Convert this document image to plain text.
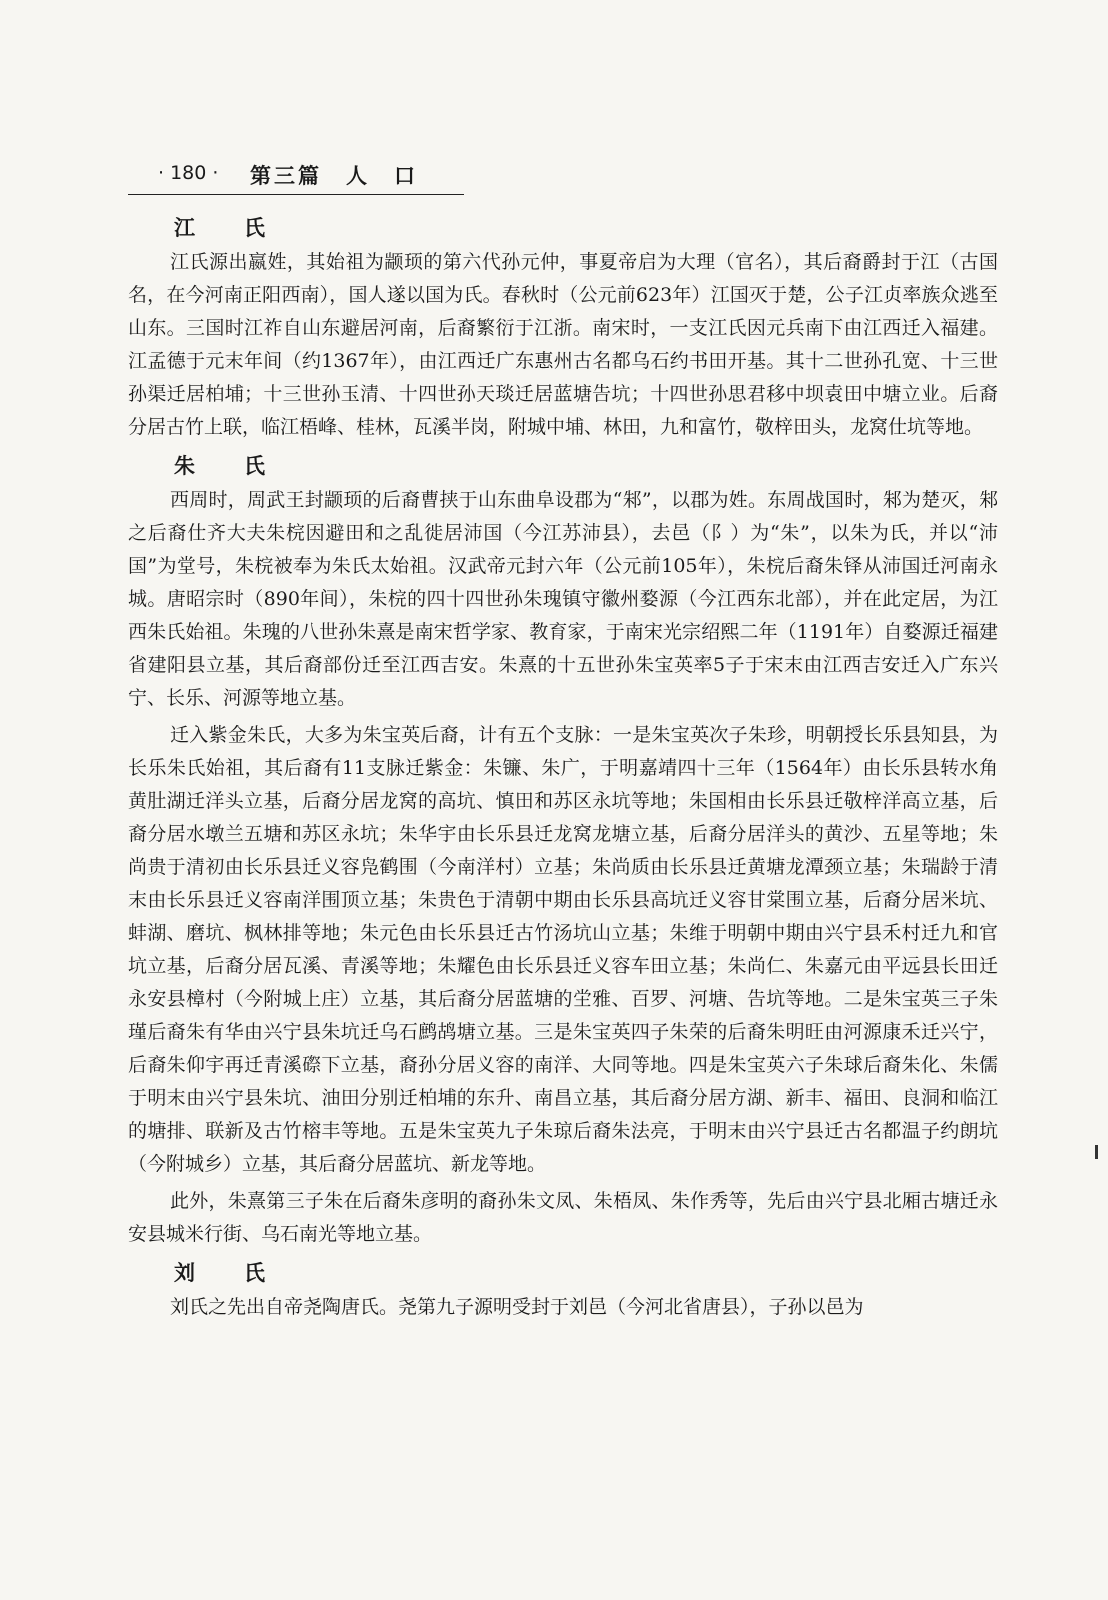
· 180 · 第三篇　人　口
江　氏

江氏源出嬴姓，其始祖为颛顼的第六代孙元仲，事夏帝启为大理（官名），其后裔爵封于江（古国名，在今河南正阳西南），国人遂以国为氏。春秋时（公元前623年）江国灭于楚，公子江贞率族众逃至山东。三国时江祚自山东避居河南，后裔繁衍于江浙。南宋时，一支江氏因元兵南下由江西迁入福建。江孟德于元末年间（约1367年），由江西迁广东惠州古名都乌石约书田开基。其十二世孙孔宽、十三世孙渠迁居柏埔；十三世孙玉清、十四世孙天琰迁居蓝塘告坑；十四世孙思君移中坝袁田中塘立业。后裔分居古竹上联，临江梧峰、桂林，瓦溪半岗，附城中埔、林田，九和富竹，敬梓田头，龙窝仕坑等地。

朱　氏

西周时，周武王封颛顼的后裔曹挟于山东曲阜设郡为“邾”，以郡为姓。东周战国时，邾为楚灭，邾之后裔仕齐大夫朱梡因避田和之乱徙居沛国（今江苏沛县），去邑（阝）为“朱”，以朱为氏，并以“沛国”为堂号，朱梡被奉为朱氏太始祖。汉武帝元封六年（公元前105年），朱梡后裔朱铎从沛国迁河南永城。唐昭宗时（890年间），朱梡的四十四世孙朱瑰镇守徽州婺源（今江西东北部），并在此定居，为江西朱氏始祖。朱瑰的八世孙朱熹是南宋哲学家、教育家，于南宋光宗绍熙二年（1191年）自婺源迁福建省建阳县立基，其后裔部份迁至江西吉安。朱熹的十五世孙朱宝英率5子于宋末由江西吉安迁入广东兴宁、长乐、河源等地立基。

迁入紫金朱氏，大多为朱宝英后裔，计有五个支脉：一是朱宝英次子朱珍，明朝授长乐县知县，为长乐朱氏始祖，其后裔有11支脉迁紫金：朱镰、朱广，于明嘉靖四十三年（1564年）由长乐县转水角黄肚湖迁洋头立基，后裔分居龙窝的高坑、慎田和苏区永坑等地；朱国相由长乐县迁敬梓洋高立基，后裔分居水墩兰五塘和苏区永坑；朱华宇由长乐县迁龙窝龙塘立基，后裔分居洋头的黄沙、五星等地；朱尚贵于清初由长乐县迁义容凫鹤围（今南洋村）立基；朱尚质由长乐县迁黄塘龙潭颈立基；朱瑞龄于清末由长乐县迁义容南洋围顶立基；朱贵色于清朝中期由长乐县高坑迁义容甘棠围立基，后裔分居米坑、蚌湖、磨坑、枫林排等地；朱元色由长乐县迁古竹汤坑山立基；朱维于明朝中期由兴宁县禾村迁九和官坑立基，后裔分居瓦溪、青溪等地；朱耀色由长乐县迁义容车田立基；朱尚仁、朱嘉元由平远县长田迁永安县樟村（今附城上庄）立基，其后裔分居蓝塘的坣雅、百罗、河塘、告坑等地。二是朱宝英三子朱瑾后裔朱有华由兴宁县朱坑迁乌石鹧鸪塘立基。三是朱宝英四子朱荣的后裔朱明旺由河源康禾迁兴宁，后裔朱仰宇再迁青溪磜下立基，裔孙分居义容的南洋、大同等地。四是朱宝英六子朱球后裔朱化、朱儒于明末由兴宁县朱坑、油田分别迁柏埔的东升、南昌立基，其后裔分居方湖、新丰、福田、良洞和临江的塘排、联新及古竹榕丰等地。五是朱宝英九子朱琼后裔朱法亮，于明末由兴宁县迁古名都温子约朗坑（今附城乡）立基，其后裔分居蓝坑、新龙等地。

此外，朱熹第三子朱在后裔朱彦明的裔孙朱文凤、朱梧凤、朱作秀等，先后由兴宁县北厢古塘迁永安县城米行街、乌石南光等地立基。

刘　氏

刘氏之先出自帝尧陶唐氏。尧第九子源明受封于刘邑（今河北省唐县），子孙以邑为
